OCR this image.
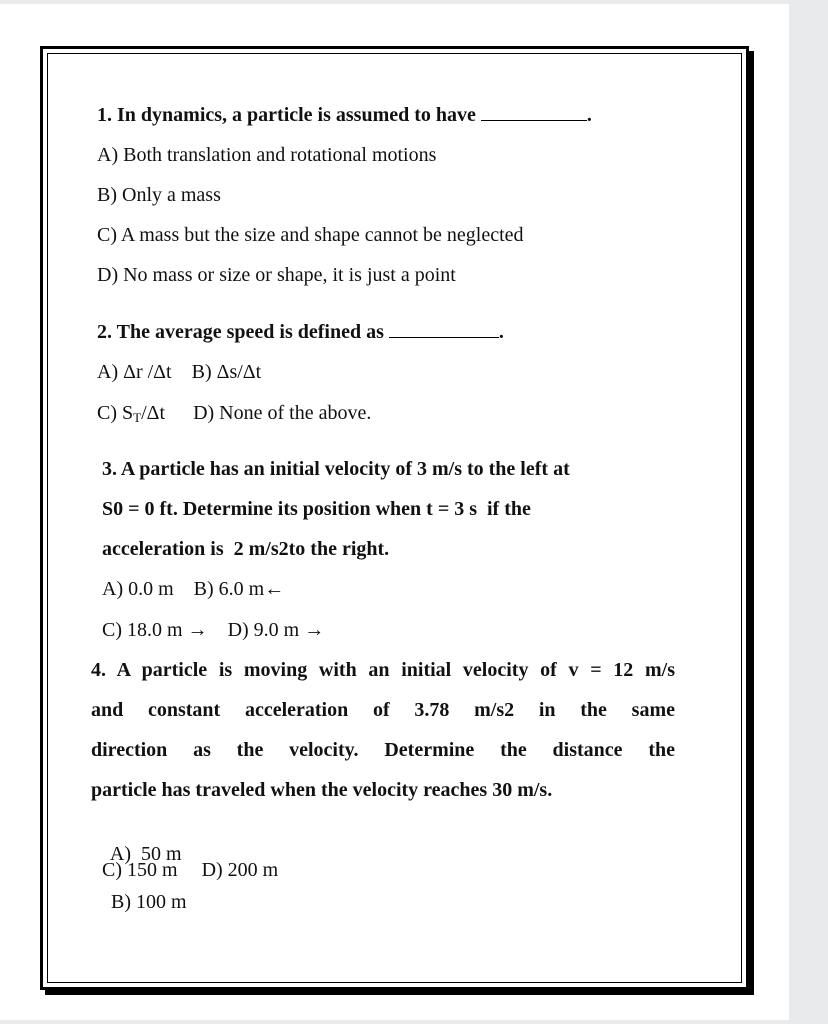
1. In dynamics, a particle is assumed to have	.
A) Both translation and rotational motions
B) Only a mass
C) A mass but the size and shape cannot be neglected
D) No mass or size or shape, it is just a point
2. The average speed is defined as	.
A) Δr /Δt B) Δs/Δt
C) $S_T/\Delta t$ D) None of the above.
3. A particle has an initial velocity of 3 m/s to the left at
S0 = 0 ft. Determine its position when t = 3 s  if the
acceleration is  2 m/s2to the right.
A) 0.0 m B) 6.0 m←
C) 18.0 m → D) 9.0 m →
4. A particle is moving with an initial velocity of v = 12 m/s
and constant acceleration of 3.78 m/s2 in the same
direction as the velocity. Determine the distance the
particle has traveled when the velocity reaches 30 m/s.

A)  50 m

B) 100 m

C) 150 m D) 200 m
